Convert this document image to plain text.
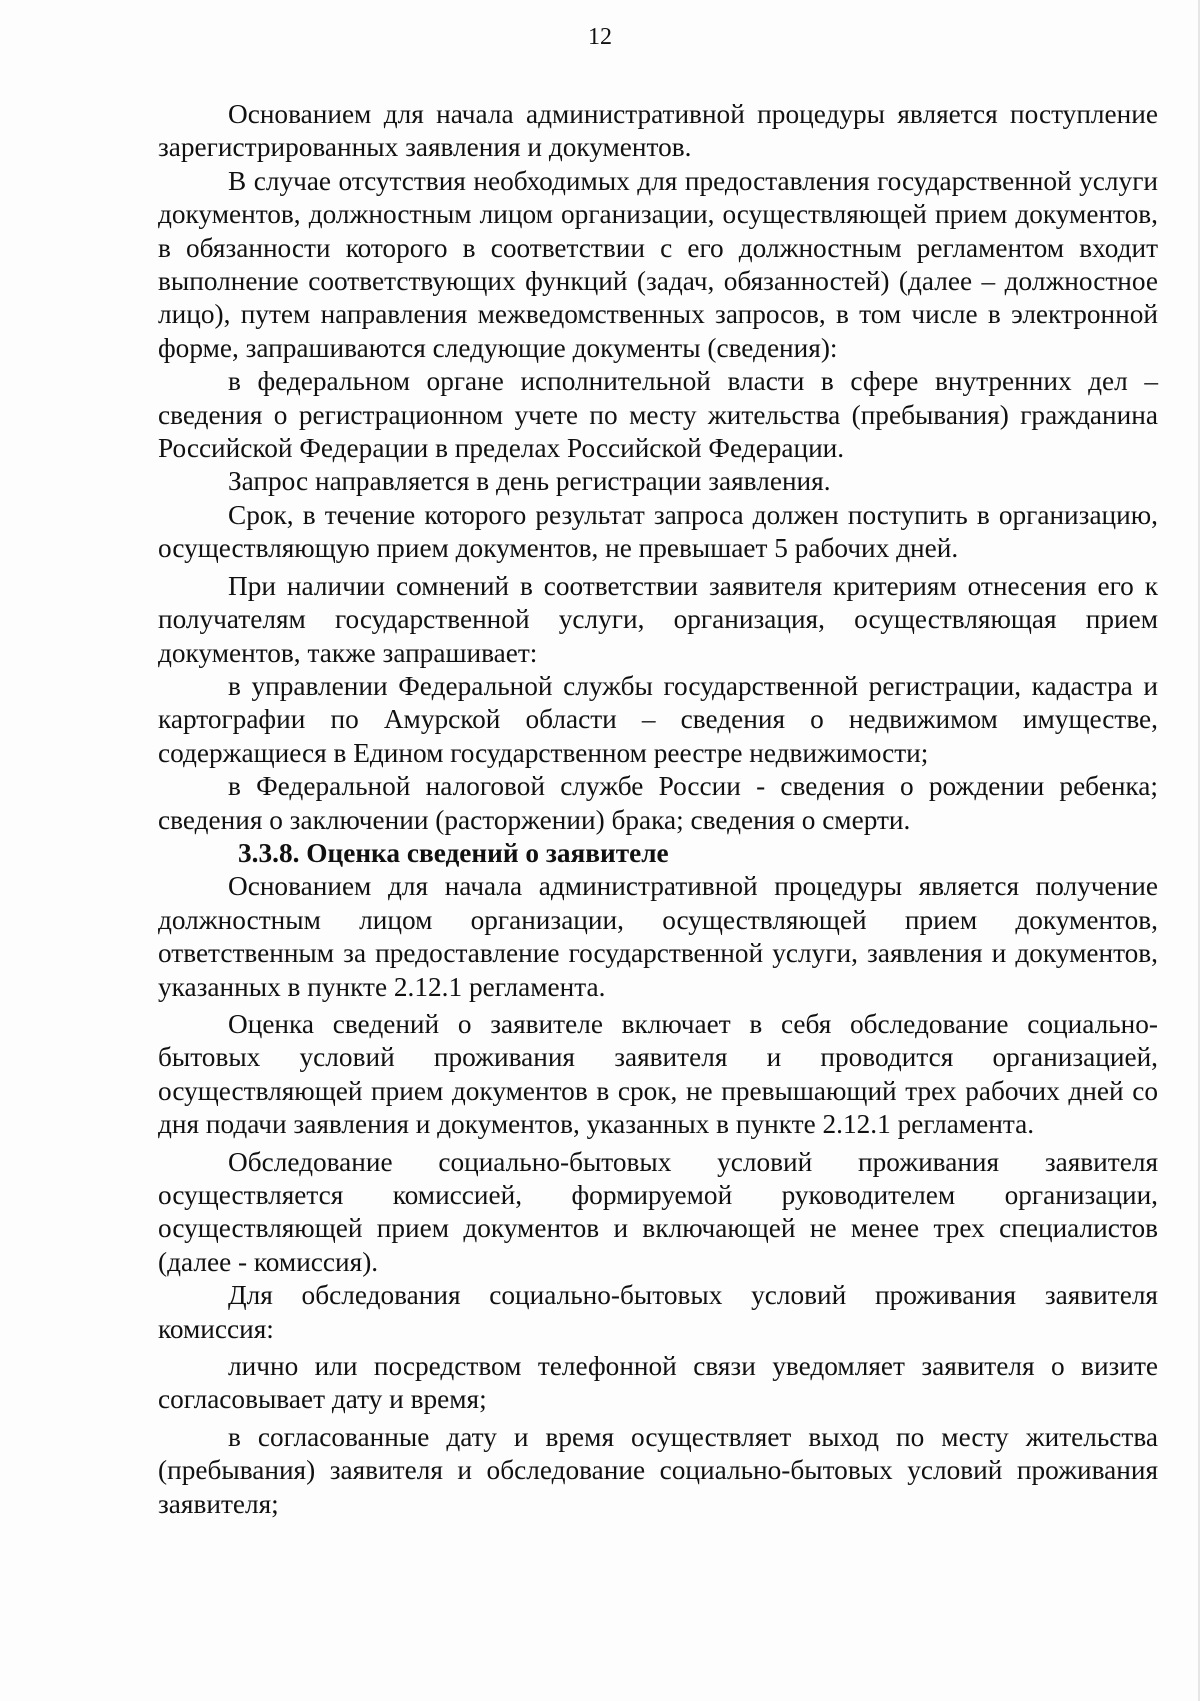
12

Основанием для начала административной процедуры является поступление зарегистрированных заявления и документов.

В случае отсутствия необходимых для предоставления государственной услуги документов, должностным лицом организации, осуществляющей прием документов, в обязанности которого в соответствии с его должностным регламентом входит выполнение соответствующих функций (задач, обязанностей) (далее – должностное лицо), путем направления межведомственных запросов, в том числе в электронной форме, запрашиваются следующие документы (сведения):

в федеральном органе исполнительной власти в сфере внутренних дел – сведения о регистрационном учете по месту жительства (пребывания) гражданина Российской Федерации в пределах Российской Федерации.

Запрос направляется в день регистрации заявления.

Срок, в течение которого результат запроса должен поступить в организацию, осуществляющую прием документов, не превышает 5 рабочих дней.

При наличии сомнений в соответствии заявителя критериям отнесения его к получателям государственной услуги, организация, осуществляющая прием документов, также запрашивает:

в управлении Федеральной службы государственной регистрации, кадастра и картографии по Амурской области – сведения о недвижимом имуществе, содержащиеся в Едином государственном реестре недвижимости;

в Федеральной налоговой службе России - сведения о рождении ребенка; сведения о заключении (расторжении) брака; сведения о смерти.

3.3.8. Оценка сведений о заявителе

Основанием для начала административной процедуры является получение должностным лицом организации, осуществляющей прием документов, ответственным за предоставление государственной услуги, заявления и документов, указанных в пункте 2.12.1 регламента.

Оценка сведений о заявителе включает в себя обследование социально-бытовых условий проживания заявителя и проводится организацией, осуществляющей прием документов в срок, не превышающий трех рабочих дней со дня подачи заявления и документов, указанных в пункте 2.12.1 регламента.

Обследование социально-бытовых условий проживания заявителя осуществляется комиссией, формируемой руководителем организации, осуществляющей прием документов и включающей не менее трех специалистов (далее - комиссия).

Для обследования социально-бытовых условий проживания заявителя комиссия:

лично или посредством телефонной связи уведомляет заявителя о визите согласовывает дату и время;

в согласованные дату и время осуществляет выход по месту жительства (пребывания) заявителя и обследование социально-бытовых условий проживания заявителя;
